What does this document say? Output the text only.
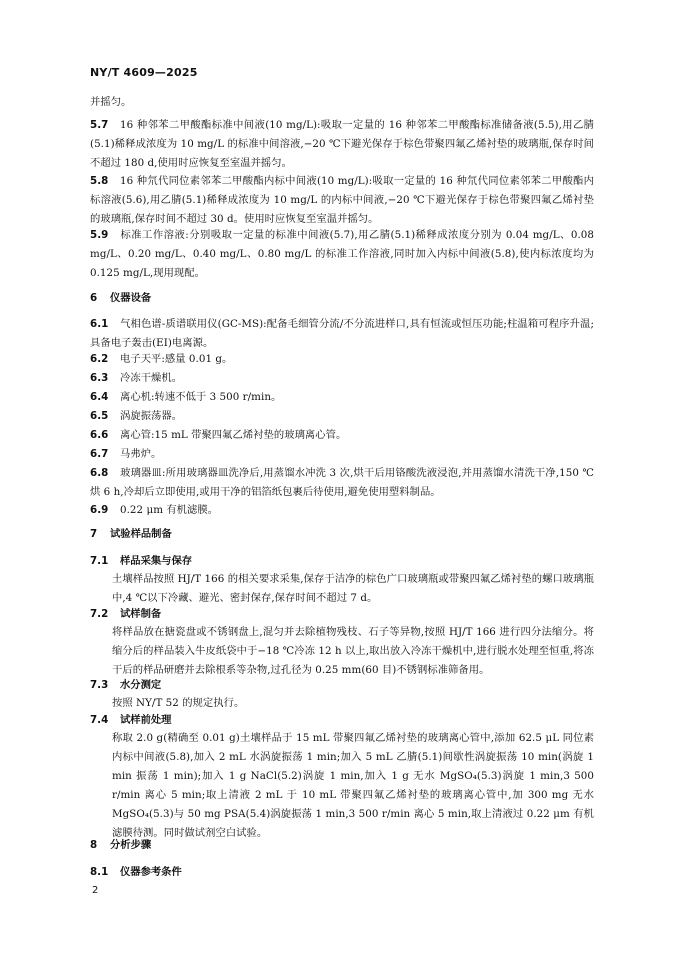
NY/T 4609—2025
并摇匀。
5.7 16 种邻苯二甲酸酯标准中间液(10 mg/L):吸取一定量的 16 种邻苯二甲酸酯标准储备液(5.5),用乙腈(5.1)稀释成浓度为 10 mg/L 的标准中间溶液,−20 ℃下避光保存于棕色带聚四氟乙烯衬垫的玻璃瓶,保存时间不超过 180 d,使用时应恢复至室温并摇匀。
5.8 16 种氘代同位素邻苯二甲酸酯内标中间液(10 mg/L):吸取一定量的 16 种氘代同位素邻苯二甲酸酯内标溶液(5.6),用乙腈(5.1)稀释成浓度为 10 mg/L 的内标中间液,−20 ℃下避光保存于棕色带聚四氟乙烯衬垫的玻璃瓶,保存时间不超过 30 d。使用时应恢复至室温并摇匀。
5.9 标准工作溶液:分别吸取一定量的标准中间液(5.7),用乙腈(5.1)稀释成浓度分别为 0.04 mg/L、0.08 mg/L、0.20 mg/L、0.40 mg/L、0.80 mg/L 的标准工作溶液,同时加入内标中间液(5.8),使内标浓度均为 0.125 mg/L,现用现配。
6 仪器设备
6.1 气相色谱-质谱联用仪(GC-MS):配备毛细管分流/不分流进样口,具有恒流或恒压功能;柱温箱可程序升温;具备电子轰击(EI)电离源。
6.2 电子天平:感量 0.01 g。
6.3 冷冻干燥机。
6.4 离心机:转速不低于 3 500 r/min。
6.5 涡旋振荡器。
6.6 离心管:15 mL 带聚四氟乙烯衬垫的玻璃离心管。
6.7 马弗炉。
6.8 玻璃器皿:所用玻璃器皿洗净后,用蒸馏水冲洗 3 次,烘干后用铬酸洗液浸泡,并用蒸馏水清洗干净,150 ℃烘 6 h,冷却后立即使用,或用干净的铝箔纸包裹后待使用,避免使用塑料制品。
6.9 0.22 μm 有机滤膜。
7 试验样品制备
7.1 样品采集与保存
土壤样品按照 HJ/T 166 的相关要求采集,保存于洁净的棕色广口玻璃瓶或带聚四氟乙烯衬垫的螺口玻璃瓶中,4 ℃以下冷藏、避光、密封保存,保存时间不超过 7 d。
7.2 试样制备
将样品放在搪瓷盘或不锈钢盘上,混匀并去除植物残枝、石子等异物,按照 HJ/T 166 进行四分法缩分。将缩分后的样品装入牛皮纸袋中于−18 ℃冷冻 12 h 以上,取出放入冷冻干燥机中,进行脱水处理至恒重,将冻干后的样品研磨并去除根系等杂物,过孔径为 0.25 mm(60 目)不锈钢标准筛备用。
7.3 水分测定
按照 NY/T 52 的规定执行。
7.4 试样前处理
称取 2.0 g(精确至 0.01 g)土壤样品于 15 mL 带聚四氟乙烯衬垫的玻璃离心管中,添加 62.5 μL 同位素内标中间液(5.8),加入 2 mL 水涡旋振荡 1 min;加入 5 mL 乙腈(5.1)间歇性涡旋振荡 10 min(涡旋 1 min 振荡 1 min);加入 1 g NaCl(5.2)涡旋 1 min,加入 1 g 无水 MgSO₄(5.3)涡旋 1 min,3 500 r/min 离心 5 min;取上清液 2 mL 于 10 mL 带聚四氟乙烯衬垫的玻璃离心管中,加 300 mg 无水 MgSO₄(5.3)与 50 mg PSA(5.4)涡旋振荡 1 min,3 500 r/min 离心 5 min,取上清液过 0.22 μm 有机滤膜待测。同时做试剂空白试验。
8 分析步骤
8.1 仪器参考条件
2
